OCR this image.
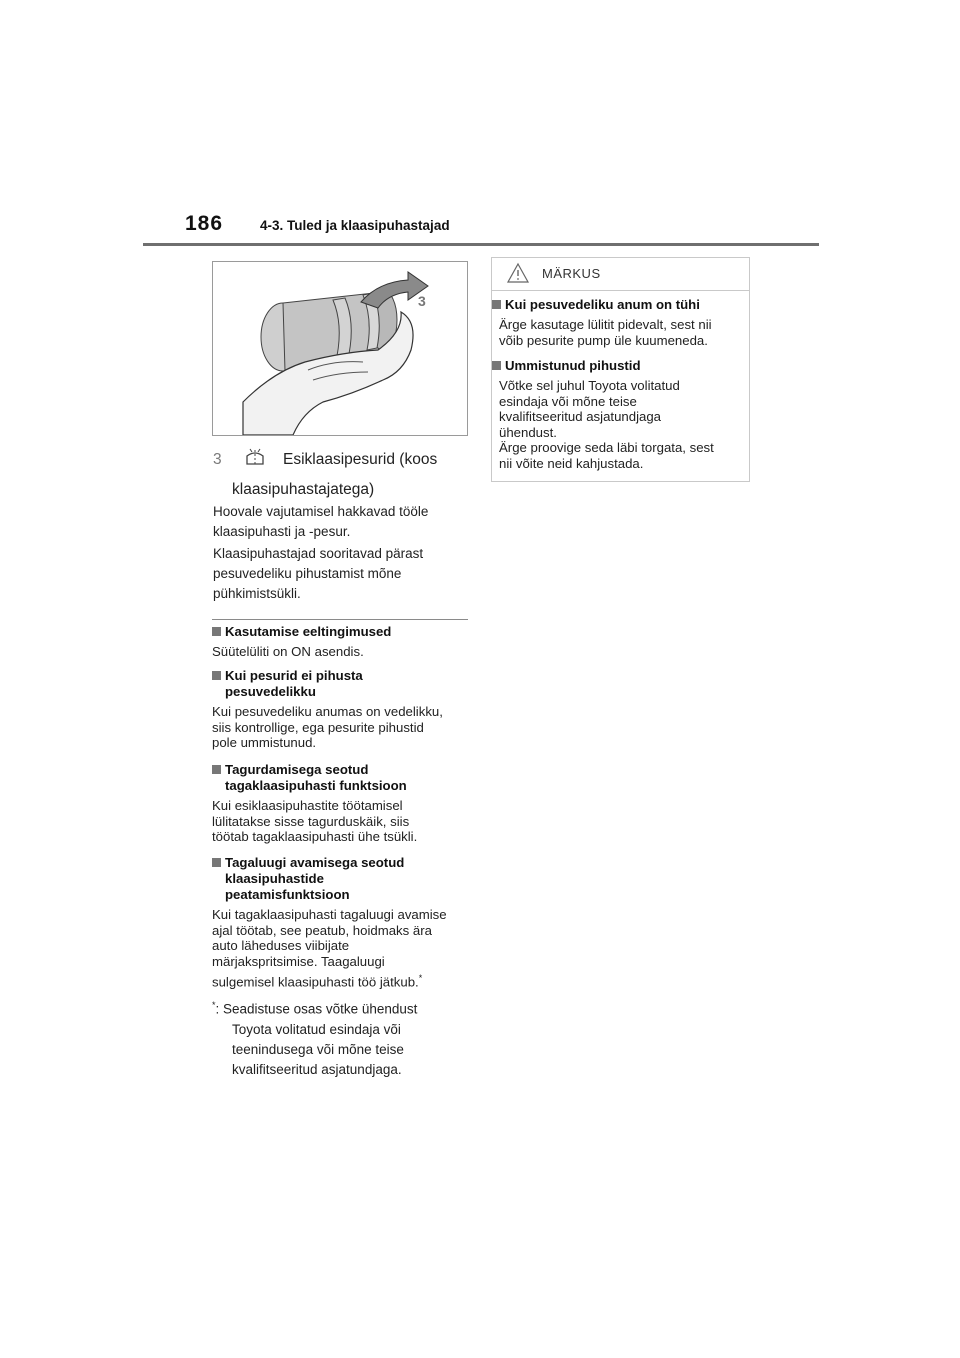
186	4-3. Tuled ja klaasipuhastajad
3
3	Esiklaasipesurid (koos
klaasipuhastajatega)
Hoovale vajutamisel hakkavad tööle klaasipuhasti ja -pesur.
Klaasipuhastajad sooritavad pärast pesuvedeliku pihustamist mõne pühkimistsükli.
Kasutamise eeltingimused
Süütelüliti on ON asendis.
Kui pesurid ei pihusta
pesuvedelikku
Kui pesuvedeliku anumas on vedelikku,
siis kontrollige, ega pesurite pihustid
pole ummistunud.
Tagurdamisega seotud
tagaklaasipuhasti funktsioon
Kui esiklaasipuhastite töötamisel
lülitatakse sisse tagurduskäik, siis
töötab tagaklaasipuhasti ühe tsükli.
Tagaluugi avamisega seotud
klaasipuhastide
peatamisfunktsioon
Kui tagaklaasipuhasti tagaluugi avamise
ajal töötab, see peatub, hoidmaks ära
auto läheduses viibijate
märjakspritsimise. Taagaluugi
sulgemisel klaasipuhasti töö jätkub.*
*: Seadistuse osas võtke ühendust
Toyota volitatud esindaja või
teenindusega või mõne teise
kvalifitseeritud asjatundjaga.
MÄRKUS
Kui pesuvedeliku anum on tühi
Ärge kasutage lülitit pidevalt, sest nii
võib pesurite pump üle kuumeneda.
Ummistunud pihustid
Võtke sel juhul Toyota volitatud
esindaja või mõne teise
kvalifitseeritud asjatundjaga
ühendust.
Ärge proovige seda läbi torgata, sest
nii võite neid kahjustada.
